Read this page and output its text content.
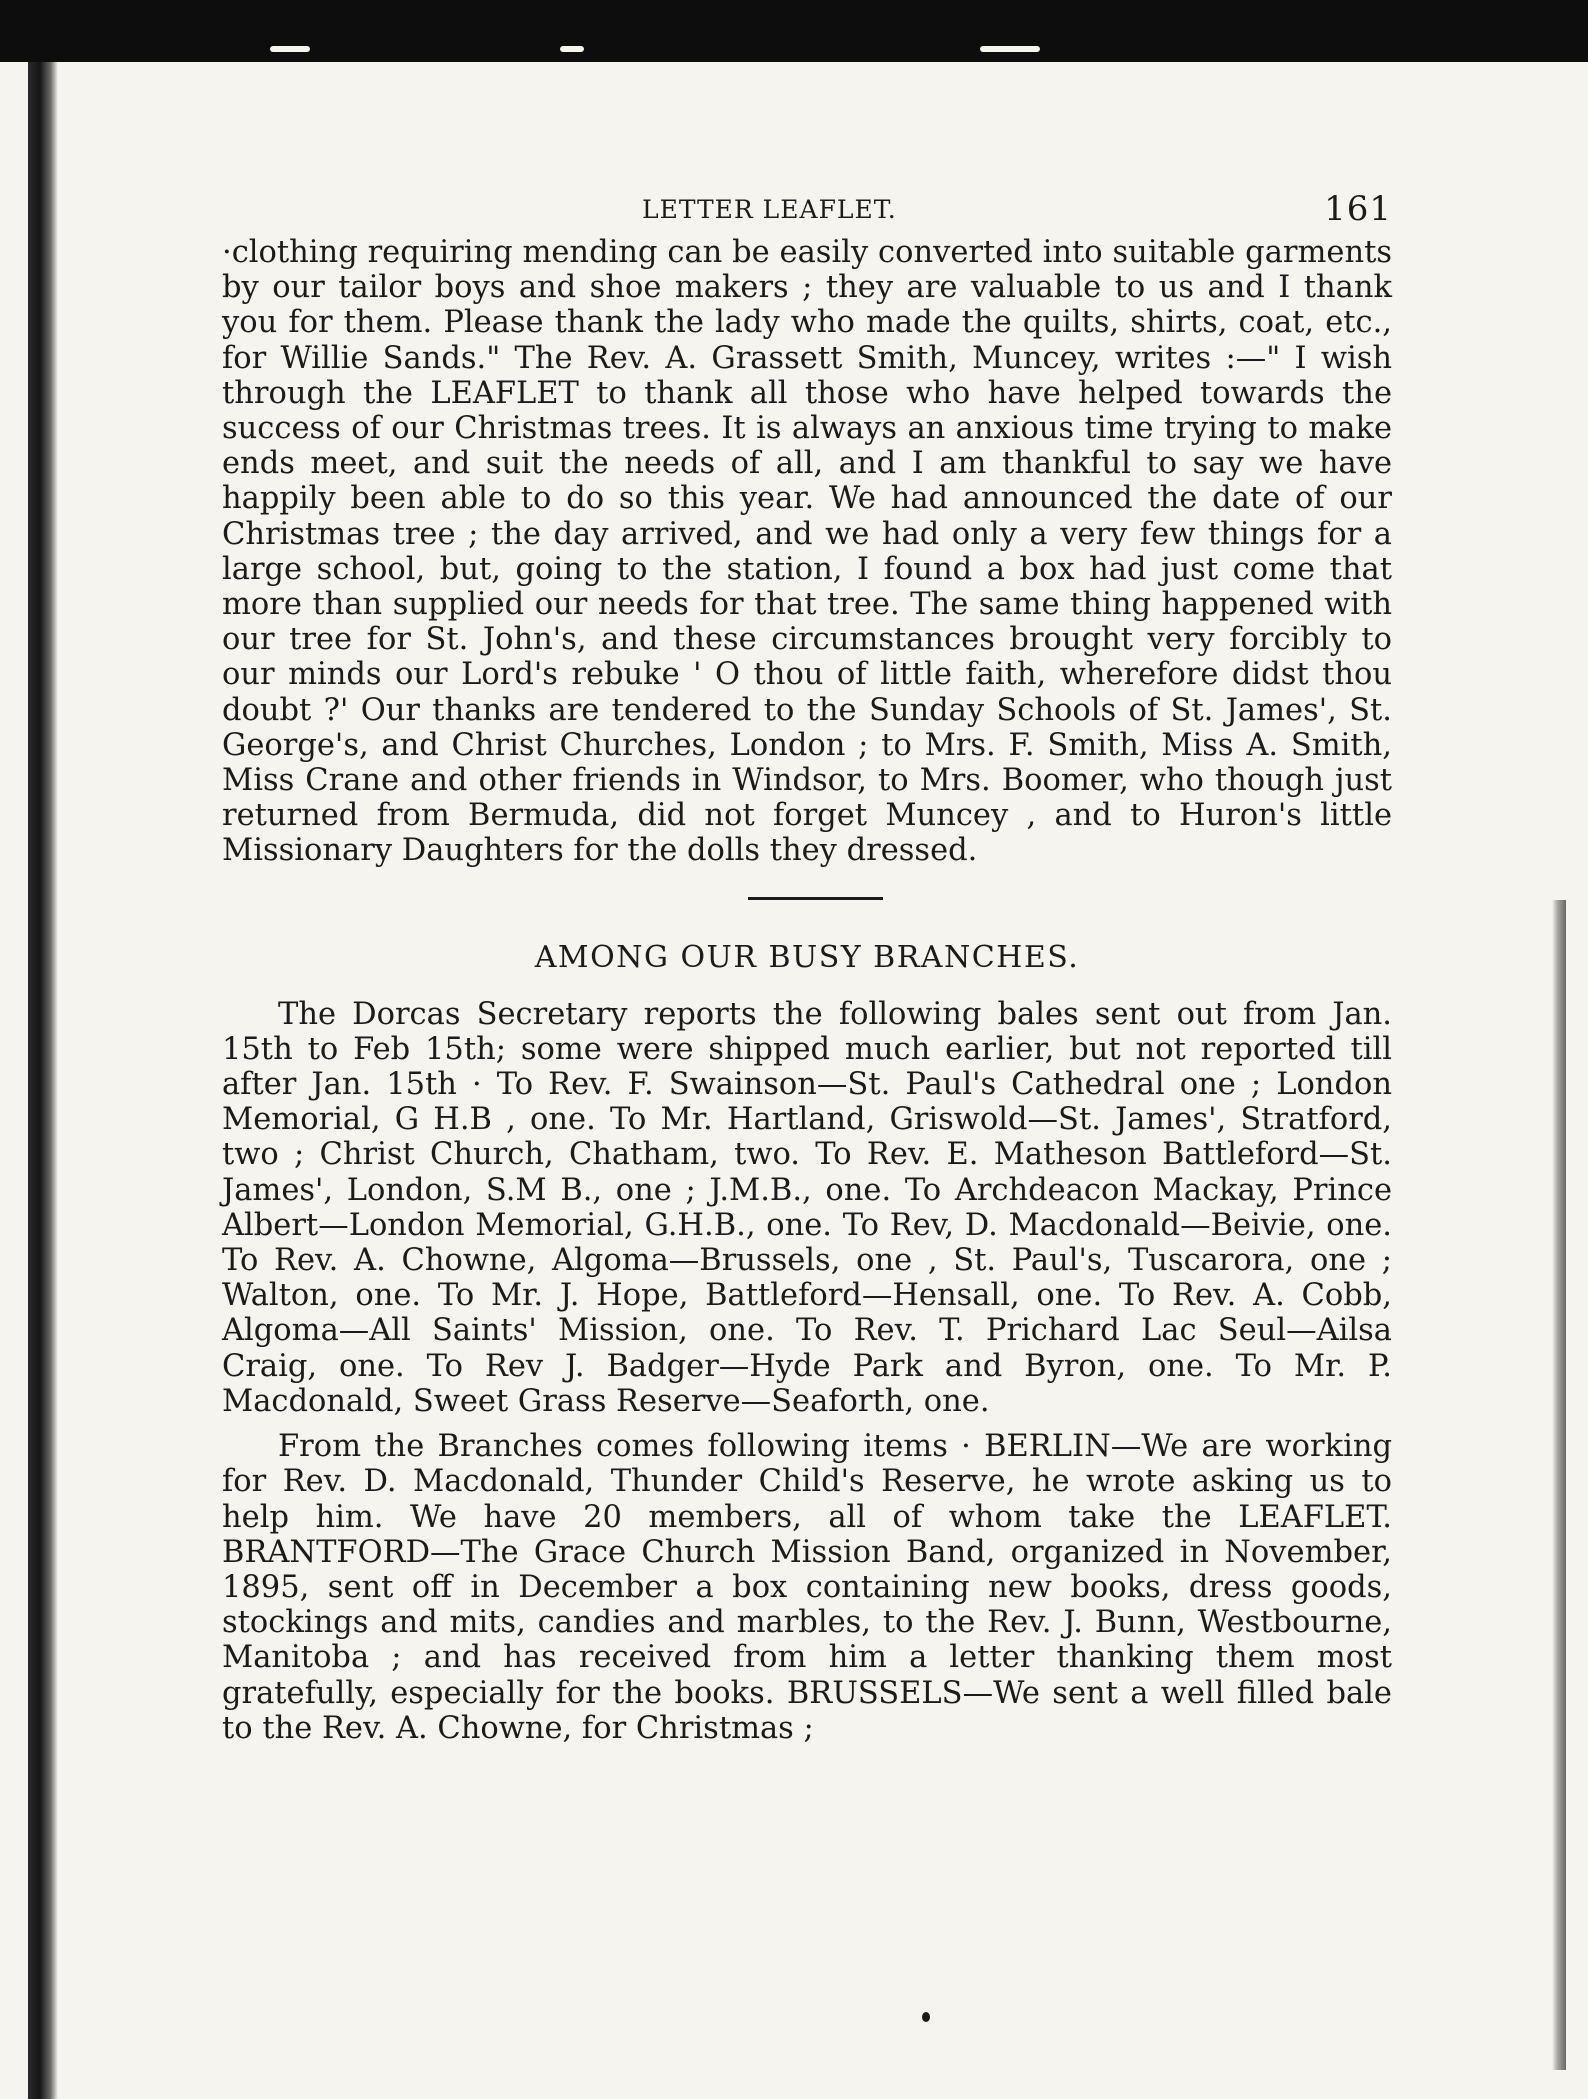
LETTER LEAFLET.	161

·clothing requiring mending can be easily converted into suitable garments by our tailor boys and shoe makers ; they are valuable to us and I thank you for them. Please thank the lady who made the quilts, shirts, coat, etc., for Willie Sands." The Rev. A. Grassett Smith, Muncey, writes :—" I wish through the LEAFLET to thank all those who have helped towards the success of our Christmas trees. It is always an anxious time trying to make ends meet, and suit the needs of all, and I am thankful to say we have happily been able to do so this year. We had announced the date of our Christmas tree ; the day arrived, and we had only a very few things for a large school, but, going to the station, I found a box had just come that more than supplied our needs for that tree. The same thing happened with our tree for St. John's, and these circumstances brought very forcibly to our minds our Lord's rebuke ' O thou of little faith, wherefore didst thou doubt ?' Our thanks are tendered to the Sunday Schools of St. James', St. George's, and Christ Churches, London ; to Mrs. F. Smith, Miss A. Smith, Miss Crane and other friends in Windsor, to Mrs. Boomer, who though just returned from Bermuda, did not forget Muncey , and to Huron's little Missionary Daughters for the dolls they dressed.

AMONG OUR BUSY BRANCHES.

The Dorcas Secretary reports the following bales sent out from Jan. 15th to Feb 15th; some were shipped much earlier, but not reported till after Jan. 15th · To Rev. F. Swainson—St. Paul's Cathedral one ; London Memorial, G H.B , one. To Mr. Hartland, Griswold—St. James', Stratford, two ; Christ Church, Chatham, two. To Rev. E. Matheson Battleford—St. James', London, S.M B., one ; J.M.B., one. To Archdeacon Mackay, Prince Albert—London Memorial, G.H.B., one. To Rev, D. Macdonald—Beivie, one. To Rev. A. Chowne, Algoma—Brussels, one , St. Paul's, Tuscarora, one ; Walton, one. To Mr. J. Hope, Battleford—Hensall, one. To Rev. A. Cobb, Algoma—All Saints' Mission, one. To Rev. T. Prichard Lac Seul—Ailsa Craig, one. To Rev J. Badger—Hyde Park and Byron, one. To Mr. P. Macdonald, Sweet Grass Reserve—Seaforth, one.

From the Branches comes following items · BERLIN—We are working for Rev. D. Macdonald, Thunder Child's Reserve, he wrote asking us to help him. We have 20 members, all of whom take the LEAFLET. BRANTFORD—The Grace Church Mission Band, organized in November, 1895, sent off in December a box containing new books, dress goods, stockings and mits, candies and marbles, to the Rev. J. Bunn, Westbourne, Manitoba ; and has received from him a letter thanking them most gratefully, especially for the books. BRUSSELS—We sent a well filled bale to the Rev. A. Chowne, for Christmas ;
